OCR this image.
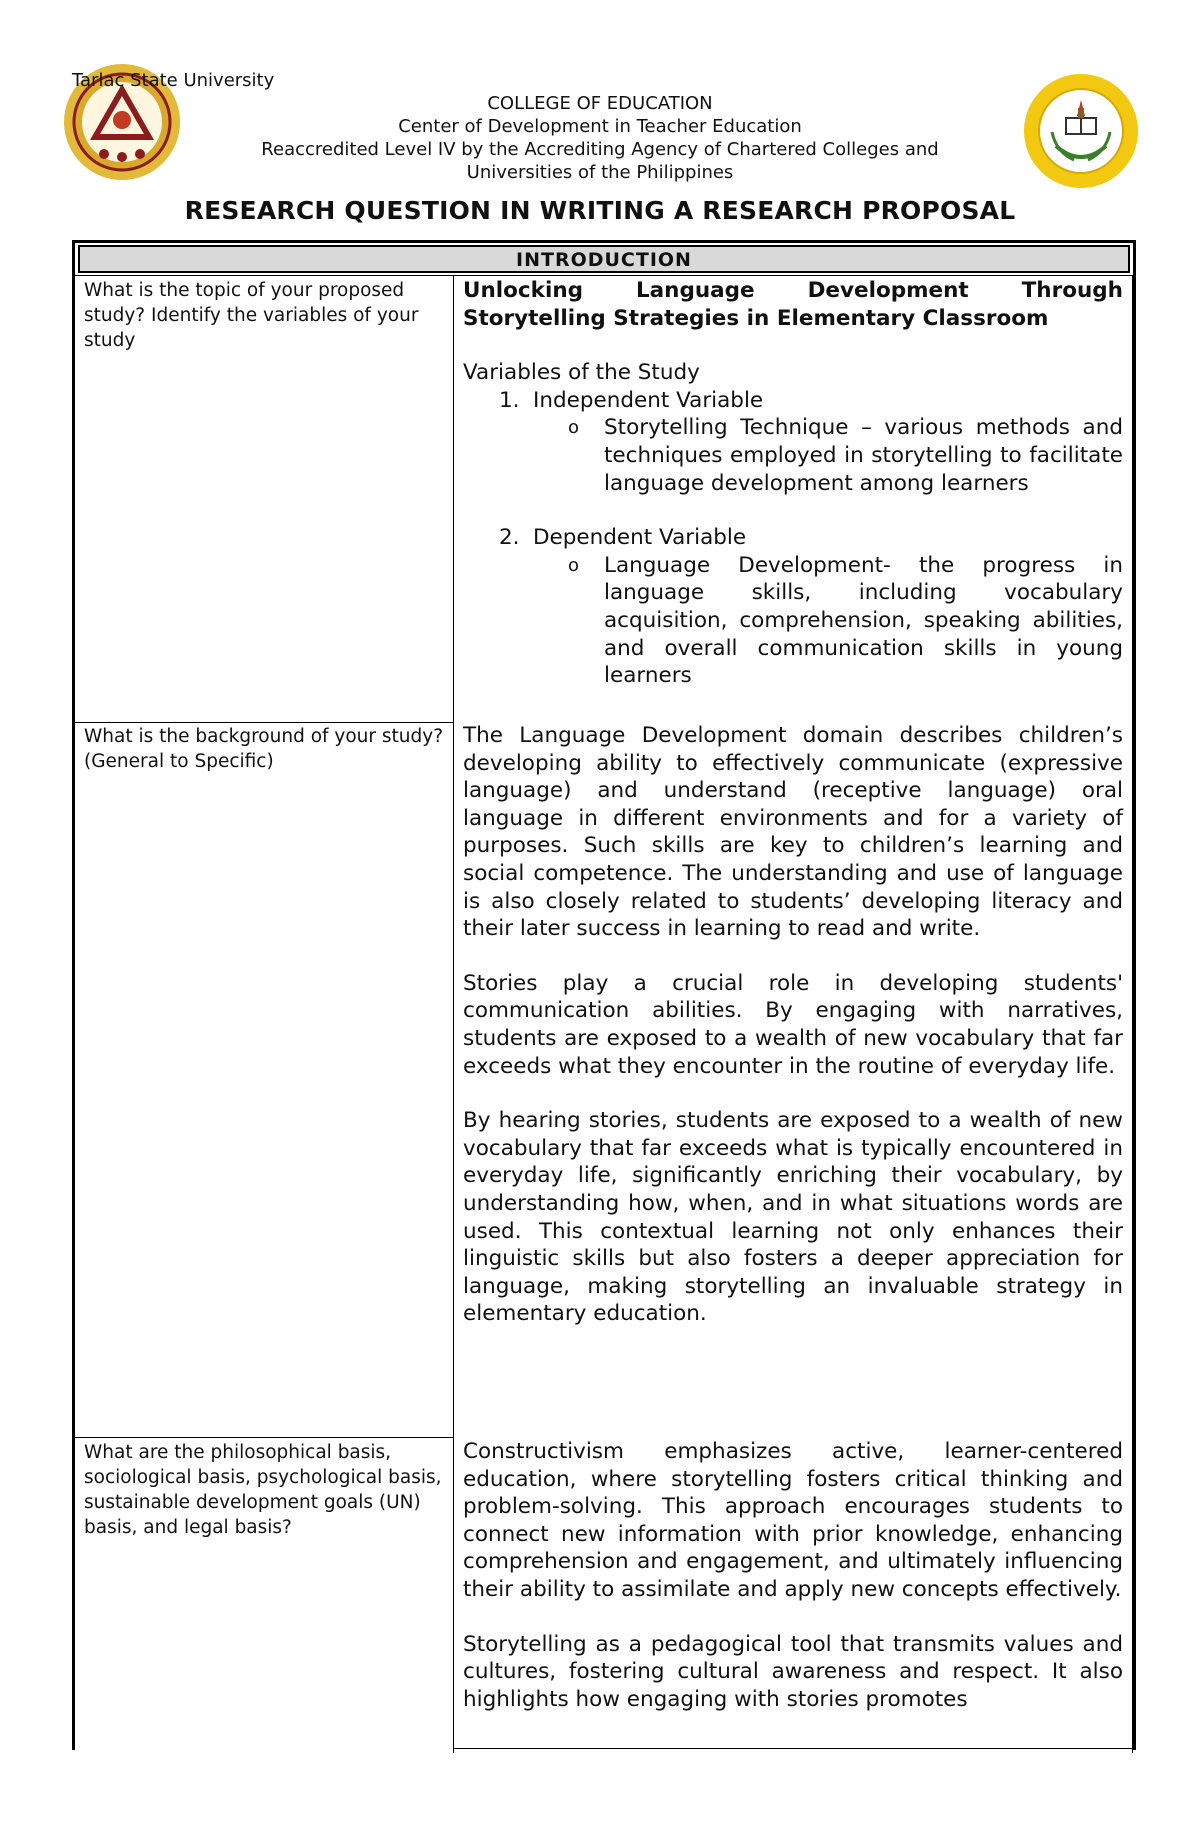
Tarlac State University
COLLEGE OF EDUCATION
Center of Development in Teacher Education
Reaccredited Level IV by the Accrediting Agency of Chartered Colleges and
Universities of the Philippines
RESEARCH QUESTION IN WRITING A RESEARCH PROPOSAL
INTRODUCTION
What is the topic of your proposed study? Identify the variables of your study

Unlocking Language Development Through Storytelling Strategies in Elementary Classroom

Variables of the Study

1. Independent Variable
o Storytelling Technique – various methods and techniques employed in storytelling to facilitate language development among learners
2. Dependent Variable
o Language Development- the progress in language skills, including vocabulary acquisition, comprehension, speaking abilities, and overall communication skills in young learners
What is the background of your study?
(General to Specific)

The Language Development domain describes children’s developing ability to effectively communicate (expressive language) and understand (receptive language) oral language in different environments and for a variety of purposes. Such skills are key to children’s learning and social competence. The understanding and use of language is also closely related to students’ developing literacy and their later success in learning to read and write.

Stories play a crucial role in developing students' communication abilities. By engaging with narratives, students are exposed to a wealth of new vocabulary that far exceeds what they encounter in the routine of everyday life.

By hearing stories, students are exposed to a wealth of new vocabulary that far exceeds what is typically encountered in everyday life, significantly enriching their vocabulary, by understanding how, when, and in what situations words are used. This contextual learning not only enhances their linguistic skills but also fosters a deeper appreciation for language, making storytelling an invaluable strategy in elementary education.

What are the philosophical basis, sociological basis, psychological basis, sustainable development goals (UN) basis, and legal basis?

Constructivism emphasizes active, learner-centered education, where storytelling fosters critical thinking and problem-solving. This approach encourages students to connect new information with prior knowledge, enhancing comprehension and engagement, and ultimately influencing their ability to assimilate and apply new concepts effectively.

Storytelling as a pedagogical tool that transmits values and cultures, fostering cultural awareness and respect. It also highlights how engaging with stories promotes
